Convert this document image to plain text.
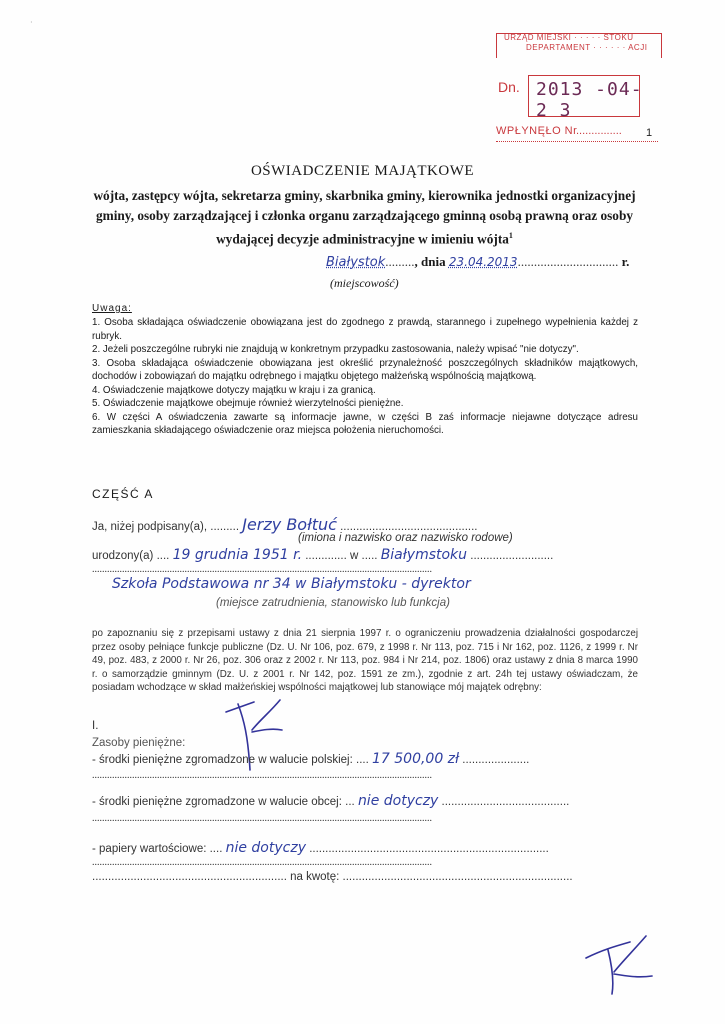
·
URZĄD MIEJSKI · · · · · STOKU
DEPARTAMENT · · · · · · ACJI
Dn. 2013 -04- 2 3
WPŁYNĘŁO Nr
............... 1
OŚWIADCZENIE MAJĄTKOWE
wójta, zastępcy wójta, sekretarza gminy, skarbnika gminy, kierownika jednostki organizacyjnej gminy, osoby zarządzającej i członka organu zarządzającego gminną osobą prawną oraz osoby wydającej decyzje administracyjne w imieniu wójta$^1$
Białystok........., dnia 23.04.2013............................... r.
(miejscowość)
Uwaga:
1. Osoba składająca oświadczenie obowiązana jest do zgodnego z prawdą, starannego i zupełnego wypełnienia każdej z rubryk.
2. Jeżeli poszczególne rubryki nie znajdują w konkretnym przypadku zastosowania, należy wpisać "nie dotyczy".
3. Osoba składająca oświadczenie obowiązana jest określić przynależność poszczególnych składników majątkowych, dochodów i zobowiązań do majątku odrębnego i majątku objętego małżeńską wspólnością majątkową.
4. Oświadczenie majątkowe dotyczy majątku w kraju i za granicą.
5. Oświadczenie majątkowe obejmuje również wierzytelności pieniężne.
6. W części A oświadczenia zawarte są informacje jawne, w części B zaś informacje niejawne dotyczące adresu zamieszkania składającego oświadczenie oraz miejsca położenia nieruchomości.
CZĘŚĆ A
Ja, niżej podpisany(a), ......... Jerzy Bołtuć ...........................................
(imiona i nazwisko oraz nazwisko rodowe)
urodzony(a) .... 19 grudnia 1951 r. ............. w ..... Białymstoku ..........................
........................................................................................................................................
Szkoła Podstawowa nr 34 w Białymstoku - dyrektor
(miejsce zatrudnienia, stanowisko lub funkcja)
po zapoznaniu się z przepisami ustawy z dnia 21 sierpnia 1997 r. o ograniczeniu prowadzenia działalności gospodarczej przez osoby pełniące funkcje publiczne (Dz. U. Nr 106, poz. 679, z 1998 r. Nr 113, poz. 715 i Nr 162, poz. 1126, z 1999 r. Nr 49, poz. 483, z 2000 r. Nr 26, poz. 306 oraz z 2002 r. Nr 113, poz. 984 i Nr 214, poz. 1806) oraz ustawy z dnia 8 marca 1990 r. o samorządzie gminnym (Dz. U. z 2001 r. Nr 142, poz. 1591 ze zm.), zgodnie z art. 24h tej ustawy oświadczam, że posiadam wchodzące w skład małżeńskiej wspólności majątkowej lub stanowiące mój majątek odrębny:
I.
Zasoby pieniężne:
- środki pieniężne zgromadzone w walucie polskiej: .... 17 500,00 zł .....................
........................................................................................................................................
- środki pieniężne zgromadzone w walucie obcej: ... nie dotyczy ........................................
........................................................................................................................................
- papiery wartościowe: .... nie dotyczy ...........................................................................
........................................................................................................................................
............................................................. na kwotę: ........................................................................
